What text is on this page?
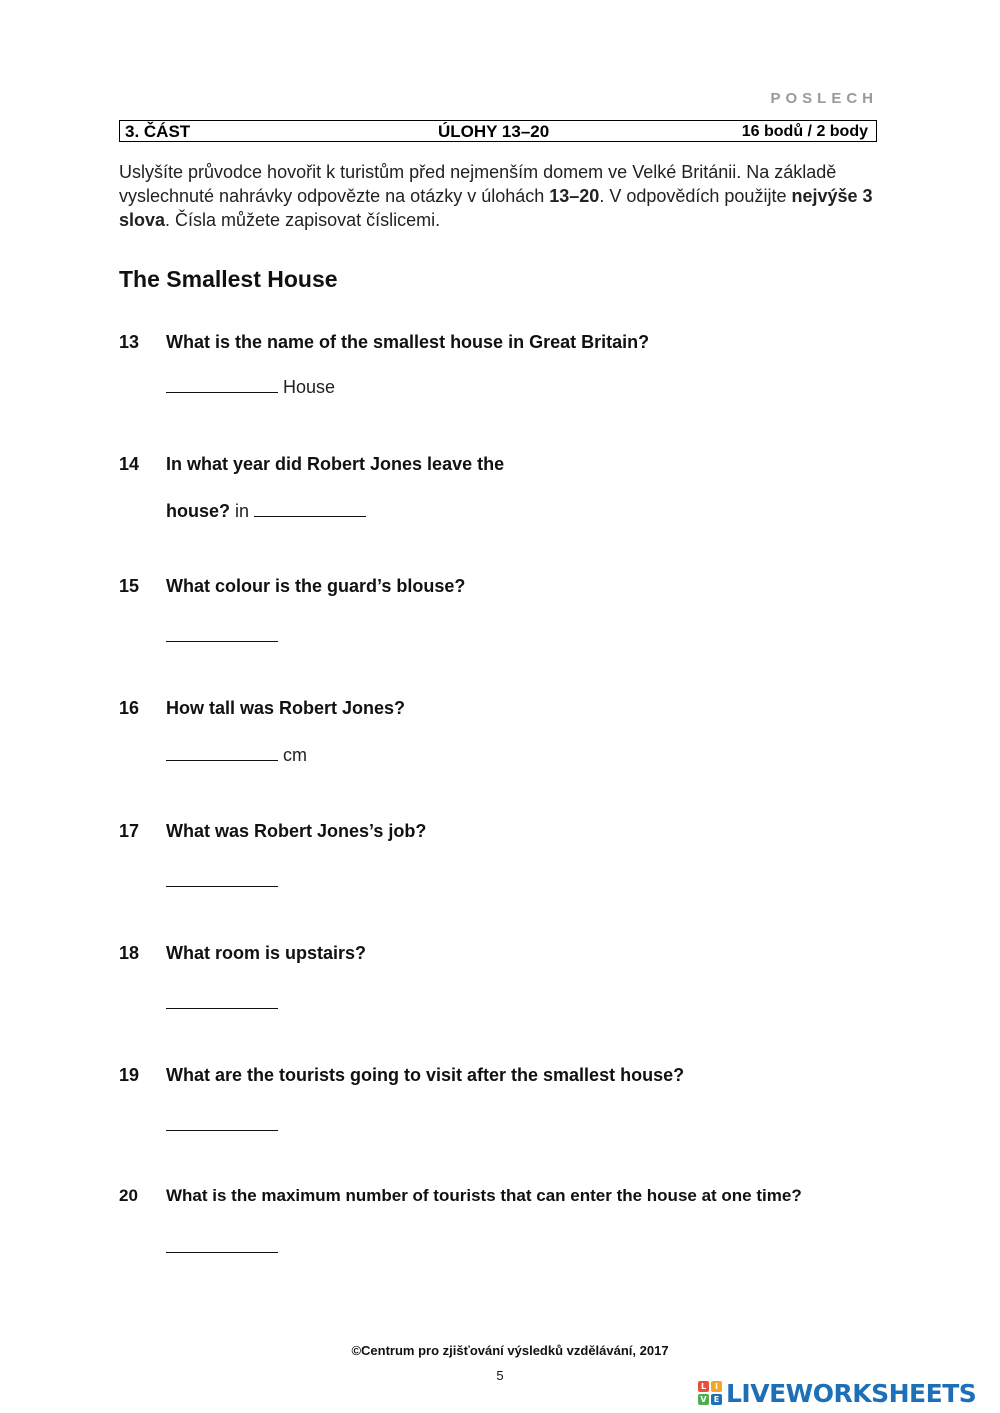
POSLECH
3. ČÁST	ÚLOHY 13–20	16 bodů / 2 body
Uslyšíte průvodce hovořit k turistům před nejmenším domem ve Velké Británii. Na základě vyslechnuté nahrávky odpovězte na otázky v úlohách 13–20. V odpovědích použijte nejvýše 3 slova. Čísla můžete zapisovat číslicemi.
The Smallest House
13	What is the name of the smallest house in Great Britain?
House
14	In what year did Robert Jones leave the
house? in
15	What colour is the guard’s blouse?
16	How tall was Robert Jones?
cm
17	What was Robert Jones’s job?
18	What room is upstairs?
19	What are the tourists going to visit after the smallest house?
20	What is the maximum number of tourists that can enter the house at one time?
©Centrum pro zjišťování výsledků vzdělávání, 2017
5
L	I
V E LIVEWORKSHEETS
